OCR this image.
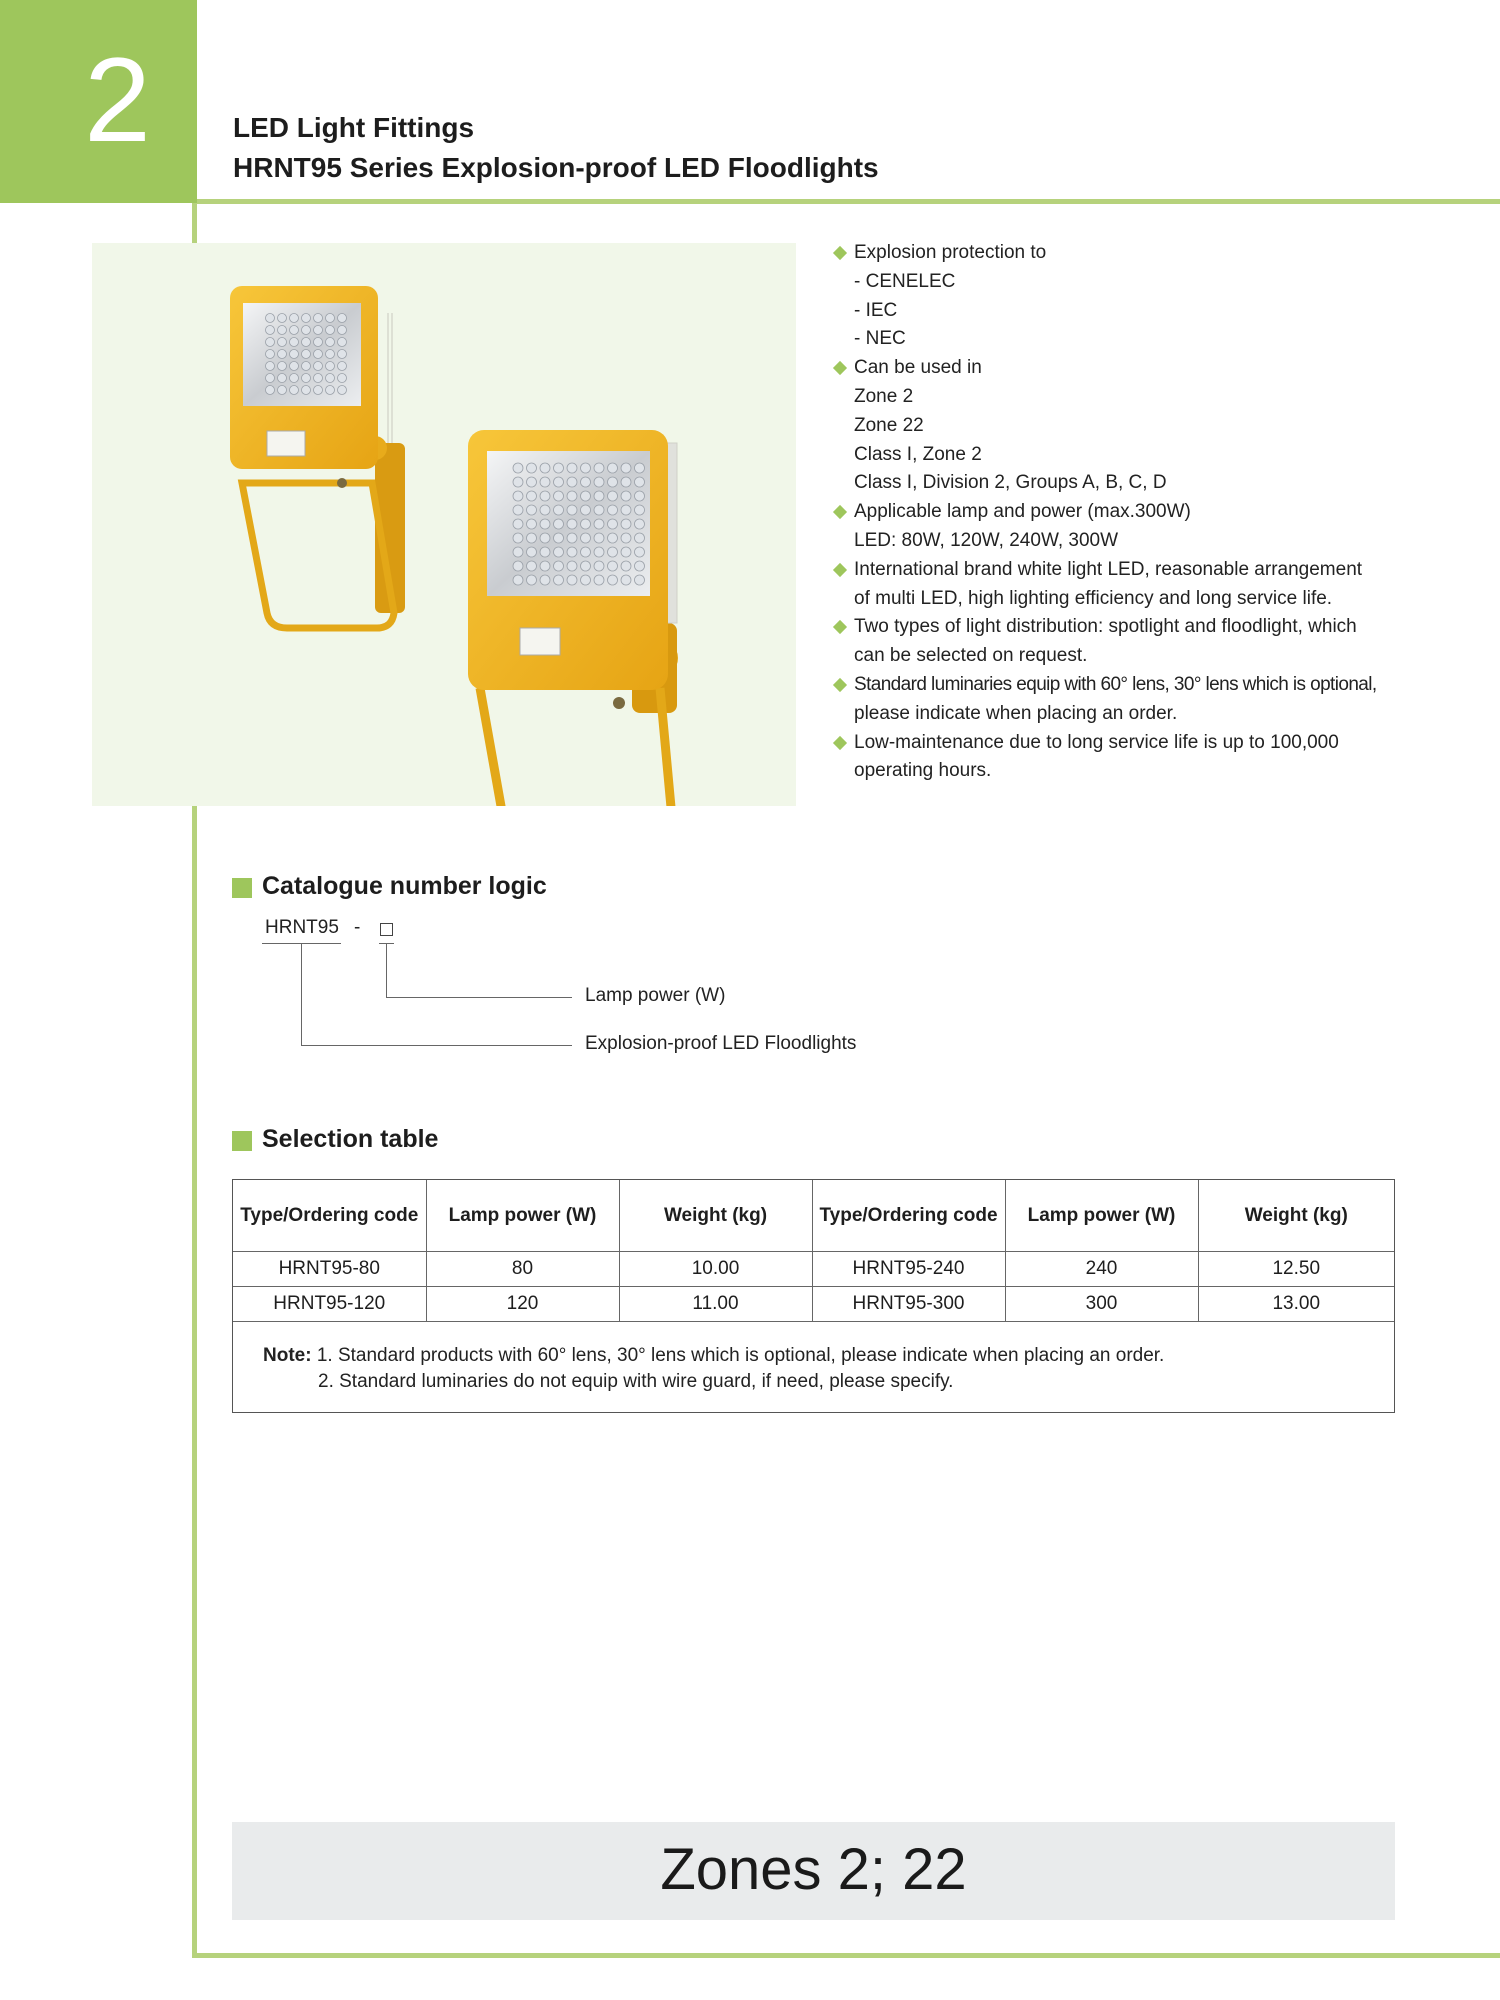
2	LED Light Fittings
HRNT95 Series Explosion-proof LED Floodlights
Explosion protection to
- CENELEC
- IEC
- NEC
Can be used in
Zone 2
Zone 22
Class I, Zone 2
Class I, Division 2, Groups A, B, C, D
Applicable lamp and power (max.300W)
LED: 80W, 120W, 240W, 300W
International brand white light LED, reasonable arrangement
of multi LED, high lighting efficiency and long service life.
Two types of light distribution: spotlight and floodlight, which
can be selected on request.
Standard luminaries equip with 60° lens, 30° lens which is optional,
please indicate when placing an order.
Low-maintenance due to long service life is up to 100,000
operating hours.
Catalogue number logic
HRNT95 -
Lamp power (W)
Explosion-proof LED Floodlights
Selection table
Type/Ordering code	Lamp power (W)	Weight (kg)	Type/Ordering code	Lamp power (W)	Weight (kg)
HRNT95-80	80	10.00	HRNT95-240	240	12.50
HRNT95-120	120	11.00	HRNT95-300	300	13.00
Note: 1. Standard products with 60° lens, 30° lens which is optional, please indicate when placing an order.
2. Standard luminaries do not equip with wire guard, if need, please specify.
Zones 2; 22
